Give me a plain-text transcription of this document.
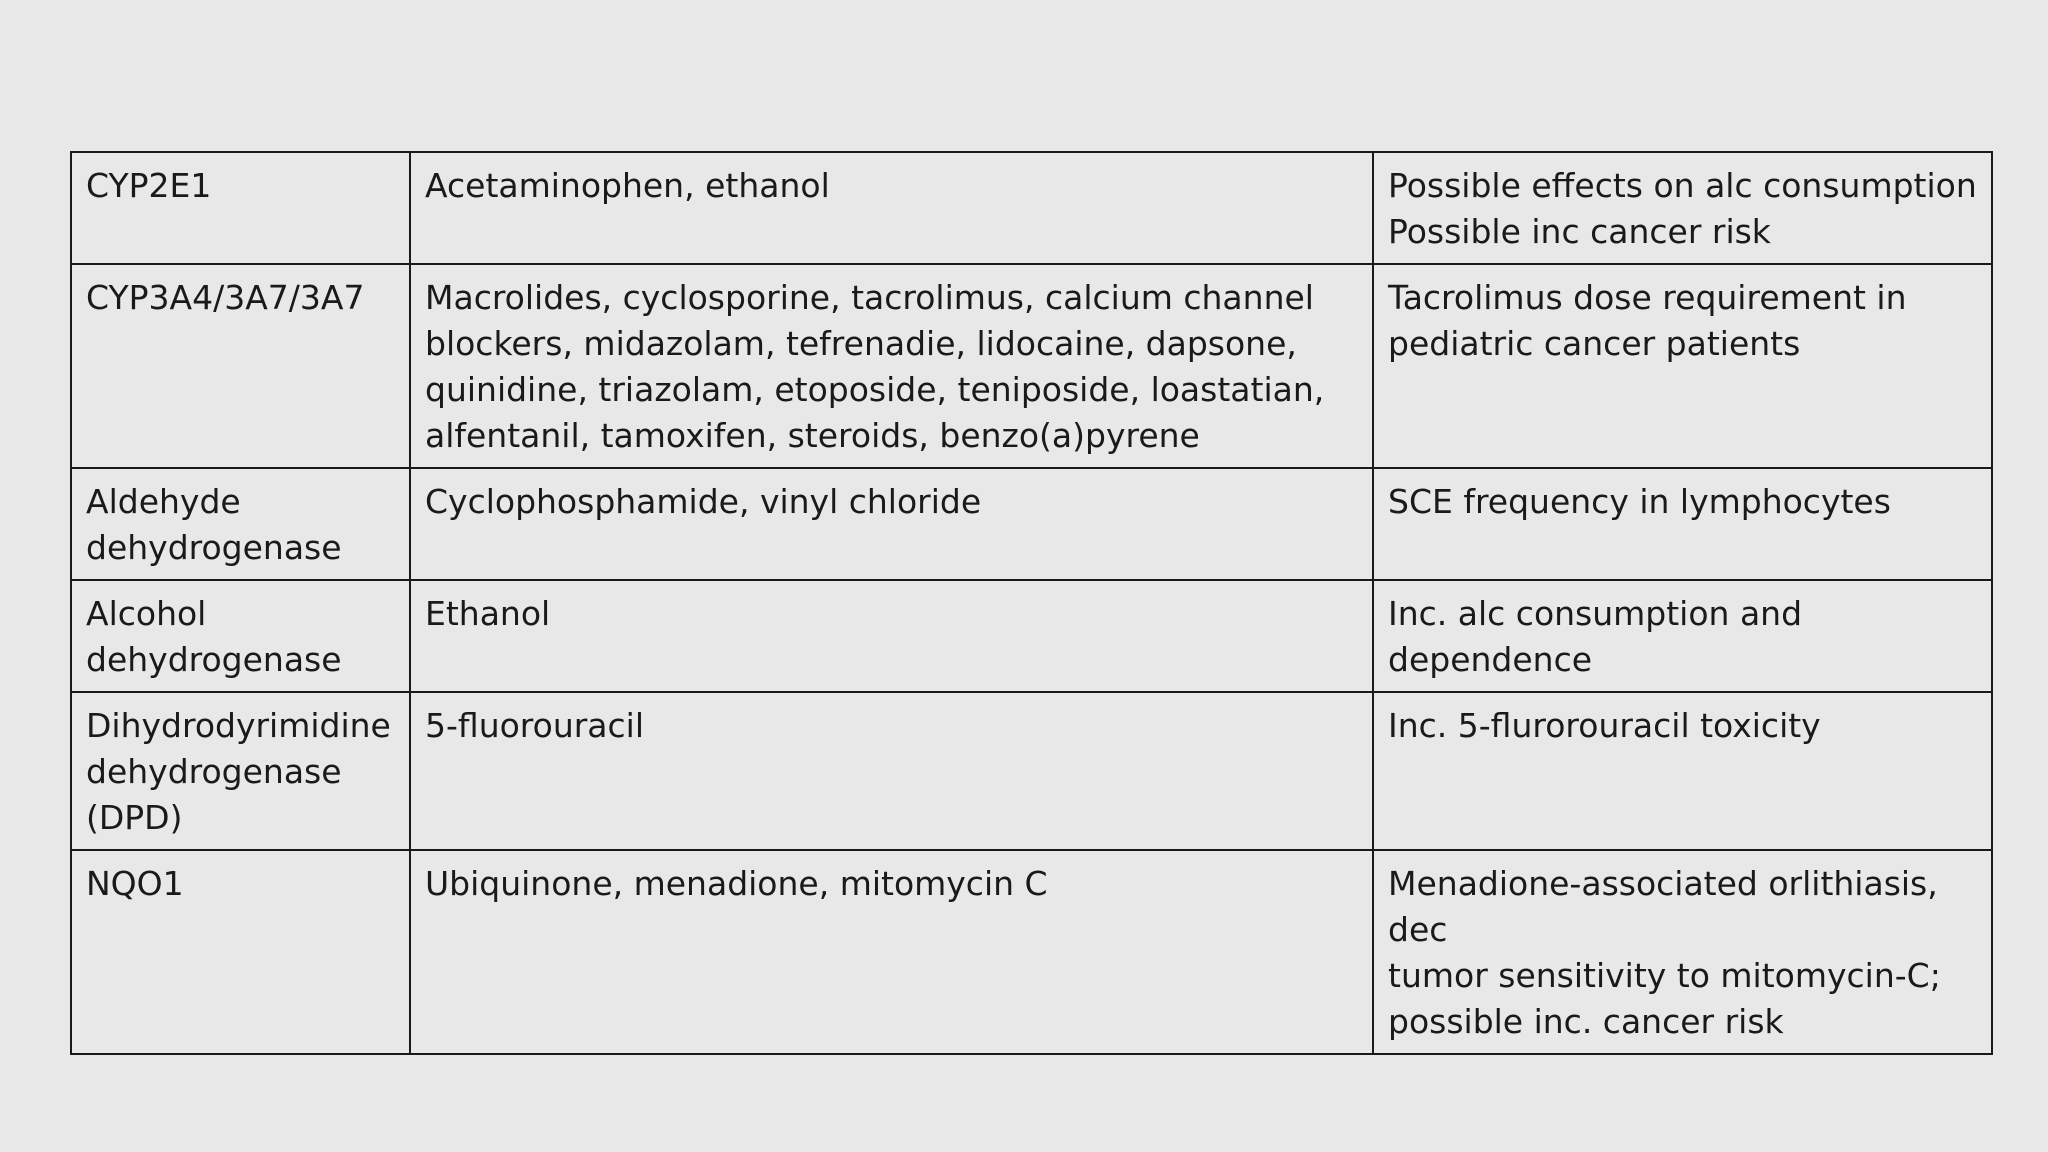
CYP2E1	Acetaminophen, ethanol	Possible effects on alc consumption
Possible inc cancer risk
CYP3A4/3A7/3A7	Macrolides, cyclosporine, tacrolimus, calcium channel
blockers, midazolam, tefrenadie, lidocaine, dapsone,
quinidine, triazolam, etoposide, teniposide, loastatian,
alfentanil, tamoxifen, steroids, benzo(a)pyrene	Tacrolimus dose requirement in
pediatric cancer patients
Aldehyde
dehydrogenase	Cyclophosphamide, vinyl chloride	SCE frequency in lymphocytes
Alcohol
dehydrogenase	Ethanol	Inc. alc consumption and
dependence
Dihydrodyrimidine
dehydrogenase
(DPD)	5-fluorouracil	Inc. 5-flurorouracil toxicity
NQO1	Ubiquinone, menadione, mitomycin C	Menadione-associated orlithiasis, dec
tumor sensitivity to mitomycin-C;
possible inc. cancer risk
